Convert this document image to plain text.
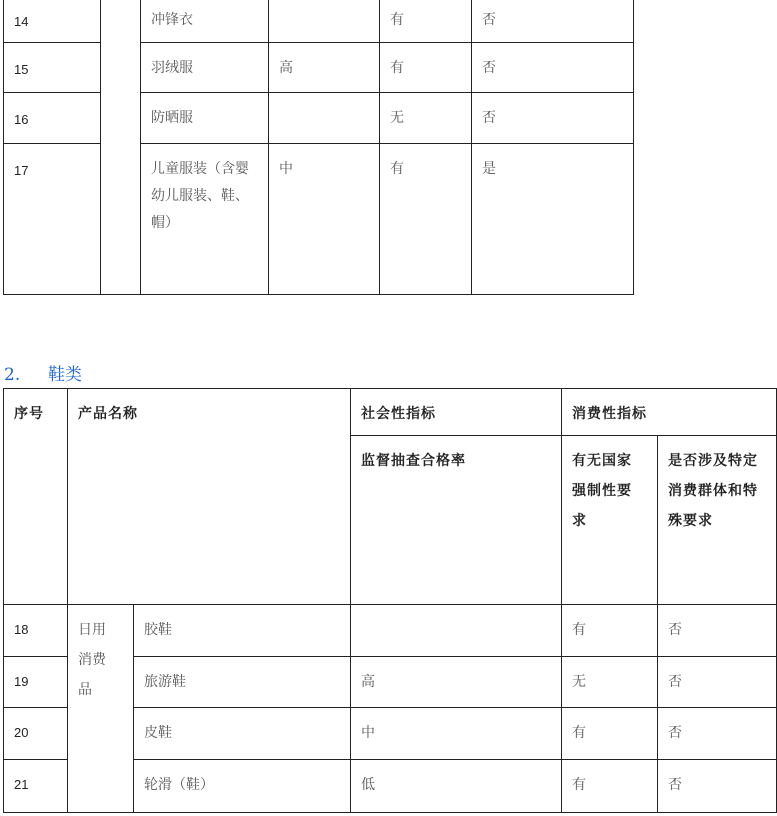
14		冲锋衣		有	否
15		羽绒服	高	有	否
16		防晒服		无	否
17		儿童服装（含婴幼儿服装、鞋、帽）	中	有	是
2. 鞋类
序号	产品名称		社会性指标	消费性指标	
			监督抽查合格率	有无国家强制性要求	是否涉及特定消费群体和特殊要求
18	日用消费品	胶鞋		有	否
19		旅游鞋	高	无	否
20		皮鞋	中	有	否
21		轮滑（鞋）	低	有	否
